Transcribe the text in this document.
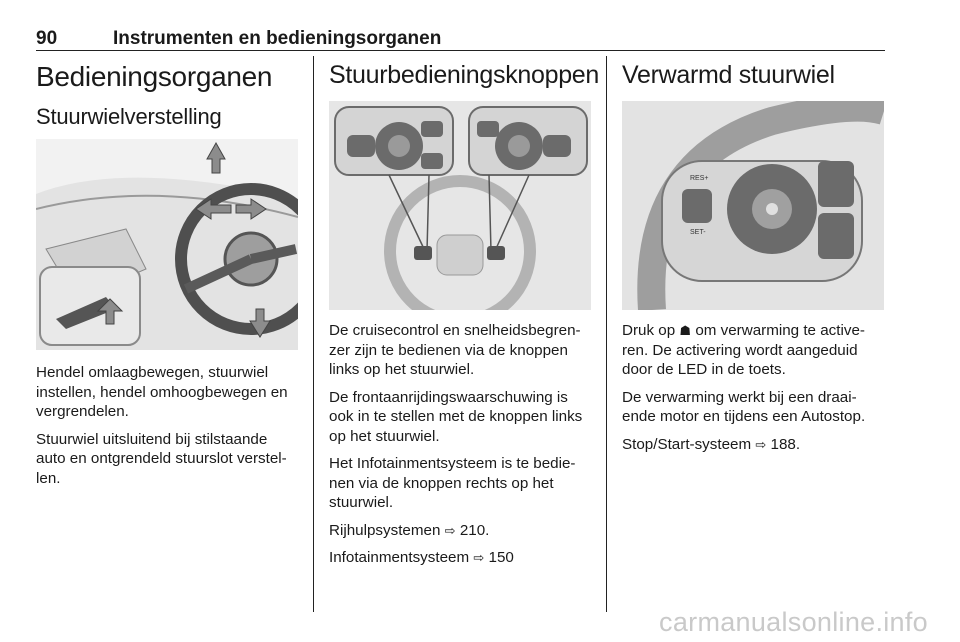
90	Instrumenten en bedieningsorganen
Bedieningsorganen
Stuurwielverstelling

Hendel omlaagbewegen, stuurwiel instellen, hendel omhoogbewegen en vergrendelen.

Stuurwiel uitsluitend bij stilstaande auto en ontgrendeld stuurslot verstel-len.

Stuurbedieningsknoppen

De cruisecontrol en snelheidsbegren-zer zijn te bedienen via de knoppen links op het stuurwiel.

De frontaanrijdingswaarschuwing is ook in te stellen met de knoppen links op het stuurwiel.

Het Infotainmentsysteem is te bedie-nen via de knoppen rechts op het stuurwiel.

Rijhulpsystemen ⇨ 210.

Infotainmentsysteem ⇨ 150

Verwarmd stuurwiel
RES+
SET-

Druk op ☗ om verwarming te active-ren. De activering wordt aangeduid door de LED in de toets.

De verwarming werkt bij een draai-ende motor en tijdens een Autostop.

Stop/Start-systeem ⇨ 188.

carmanualsonline.info
